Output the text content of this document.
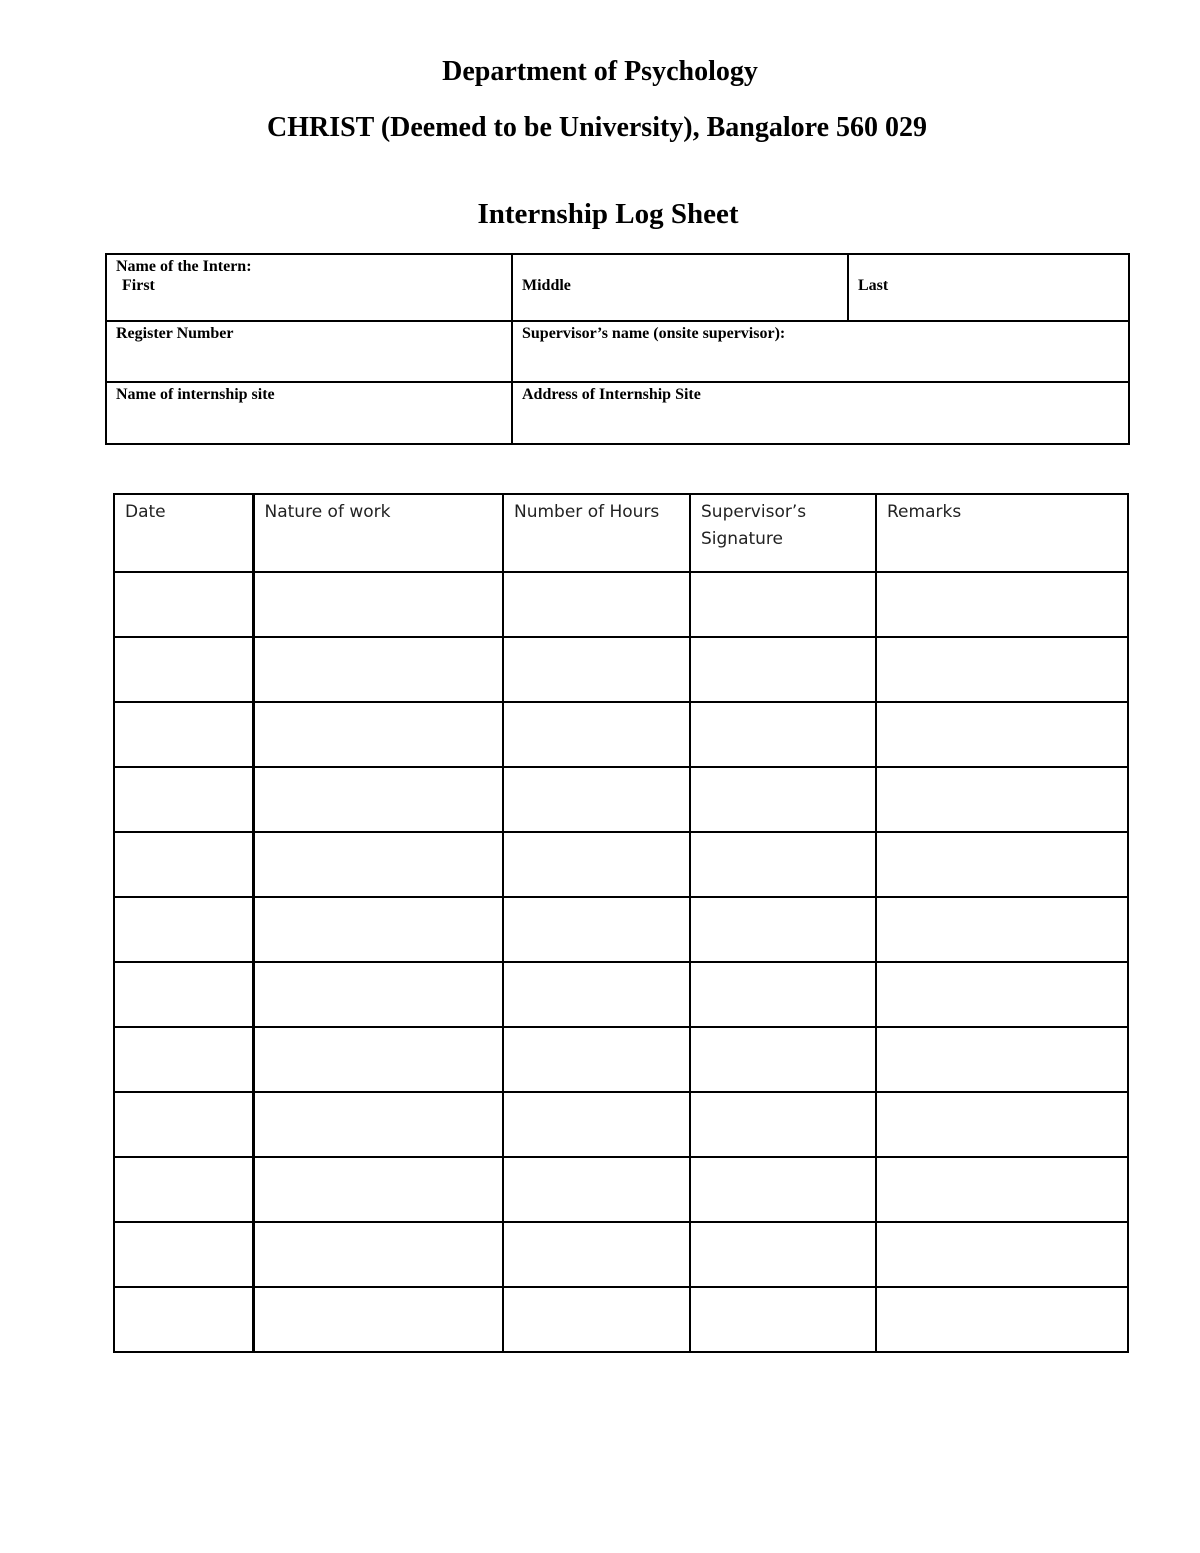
Department of Psychology
CHRIST (Deemed to be University), Bangalore 560 029
Internship Log Sheet
Name of the Intern:

First	Middle	Last
Register Number	Supervisor’s name (onsite supervisor):	
Name of internship site	Address of Internship Site	
Date	Nature of work	Number of Hours	Supervisor’s Signature	Remarks
